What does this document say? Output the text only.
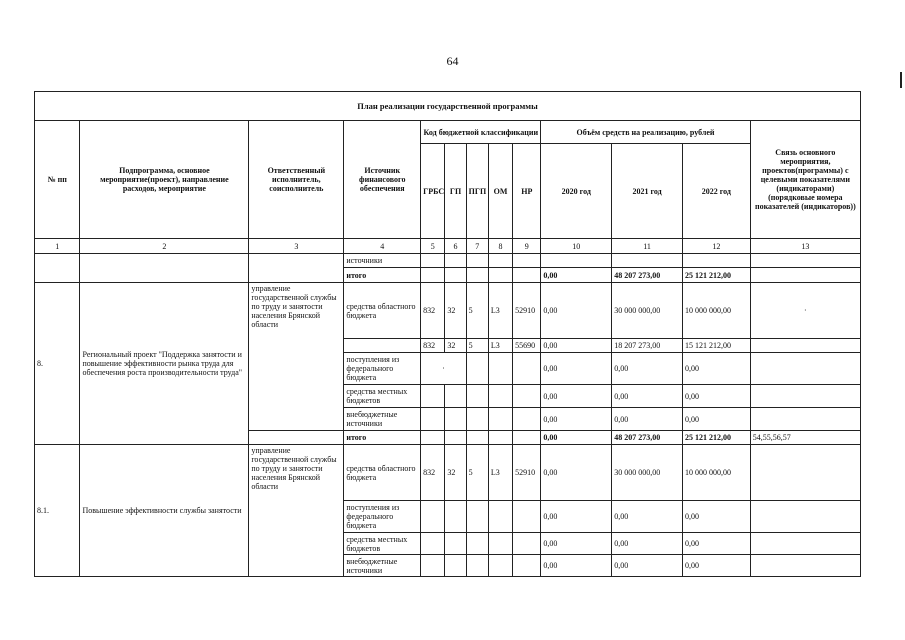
64
План реализации государственной программы												
№ пп	Подпрограмма, основное мероприятие(проект), направление расходов, мероприятие	Ответственный исполнитель, соисполнитель	Источник финансового обеспечения	Код бюджетной классификации					Объём средств на реализацию, рублей			Связь основного мероприятия, проектов(программы) с целевыми показателями (индикаторами) (порядковые номера показателей (индикаторов))
				ГРБС	ГП	ПГП	ОМ	НР	2020 год	2021 год	2022 год	
1	2	3	4	5	6	7	8	9	10	11	12	13
			источники									
			итого						0,00	48 207 273,00	25 121 212,00	
8.	Региональный проект "Поддержка занятости и повышение эффективности рынка труда для обеспечения роста производительности труда"	управление государственной службы по труду и занятости населения Брянской области	средства областного бюджета	832	32	5	L3	52910	0,00	30 000 000,00	10 000 000,00	·
				832	32	5	L3	55690	0,00	18 207 273,00	15 121 212,00	
			поступления из федерального бюджета	·					0,00	0,00	0,00	
			средства местных бюджетов						0,00	0,00	0,00	
			внебюджетные источники						0,00	0,00	0,00	
			итого						0,00	48 207 273,00	25 121 212,00	54,55,56,57
8.1.	Повышение эффективности службы занятости	управление государственной службы по труду и занятости населения Брянской области	средства областного бюджета	832	32	5	L3	52910	0,00	30 000 000,00	10 000 000,00	
			поступления из федерального бюджета						0,00	0,00	0,00	
			средства местных бюджетов						0,00	0,00	0,00	
			внебюджетные источники						0,00	0,00	0,00	
